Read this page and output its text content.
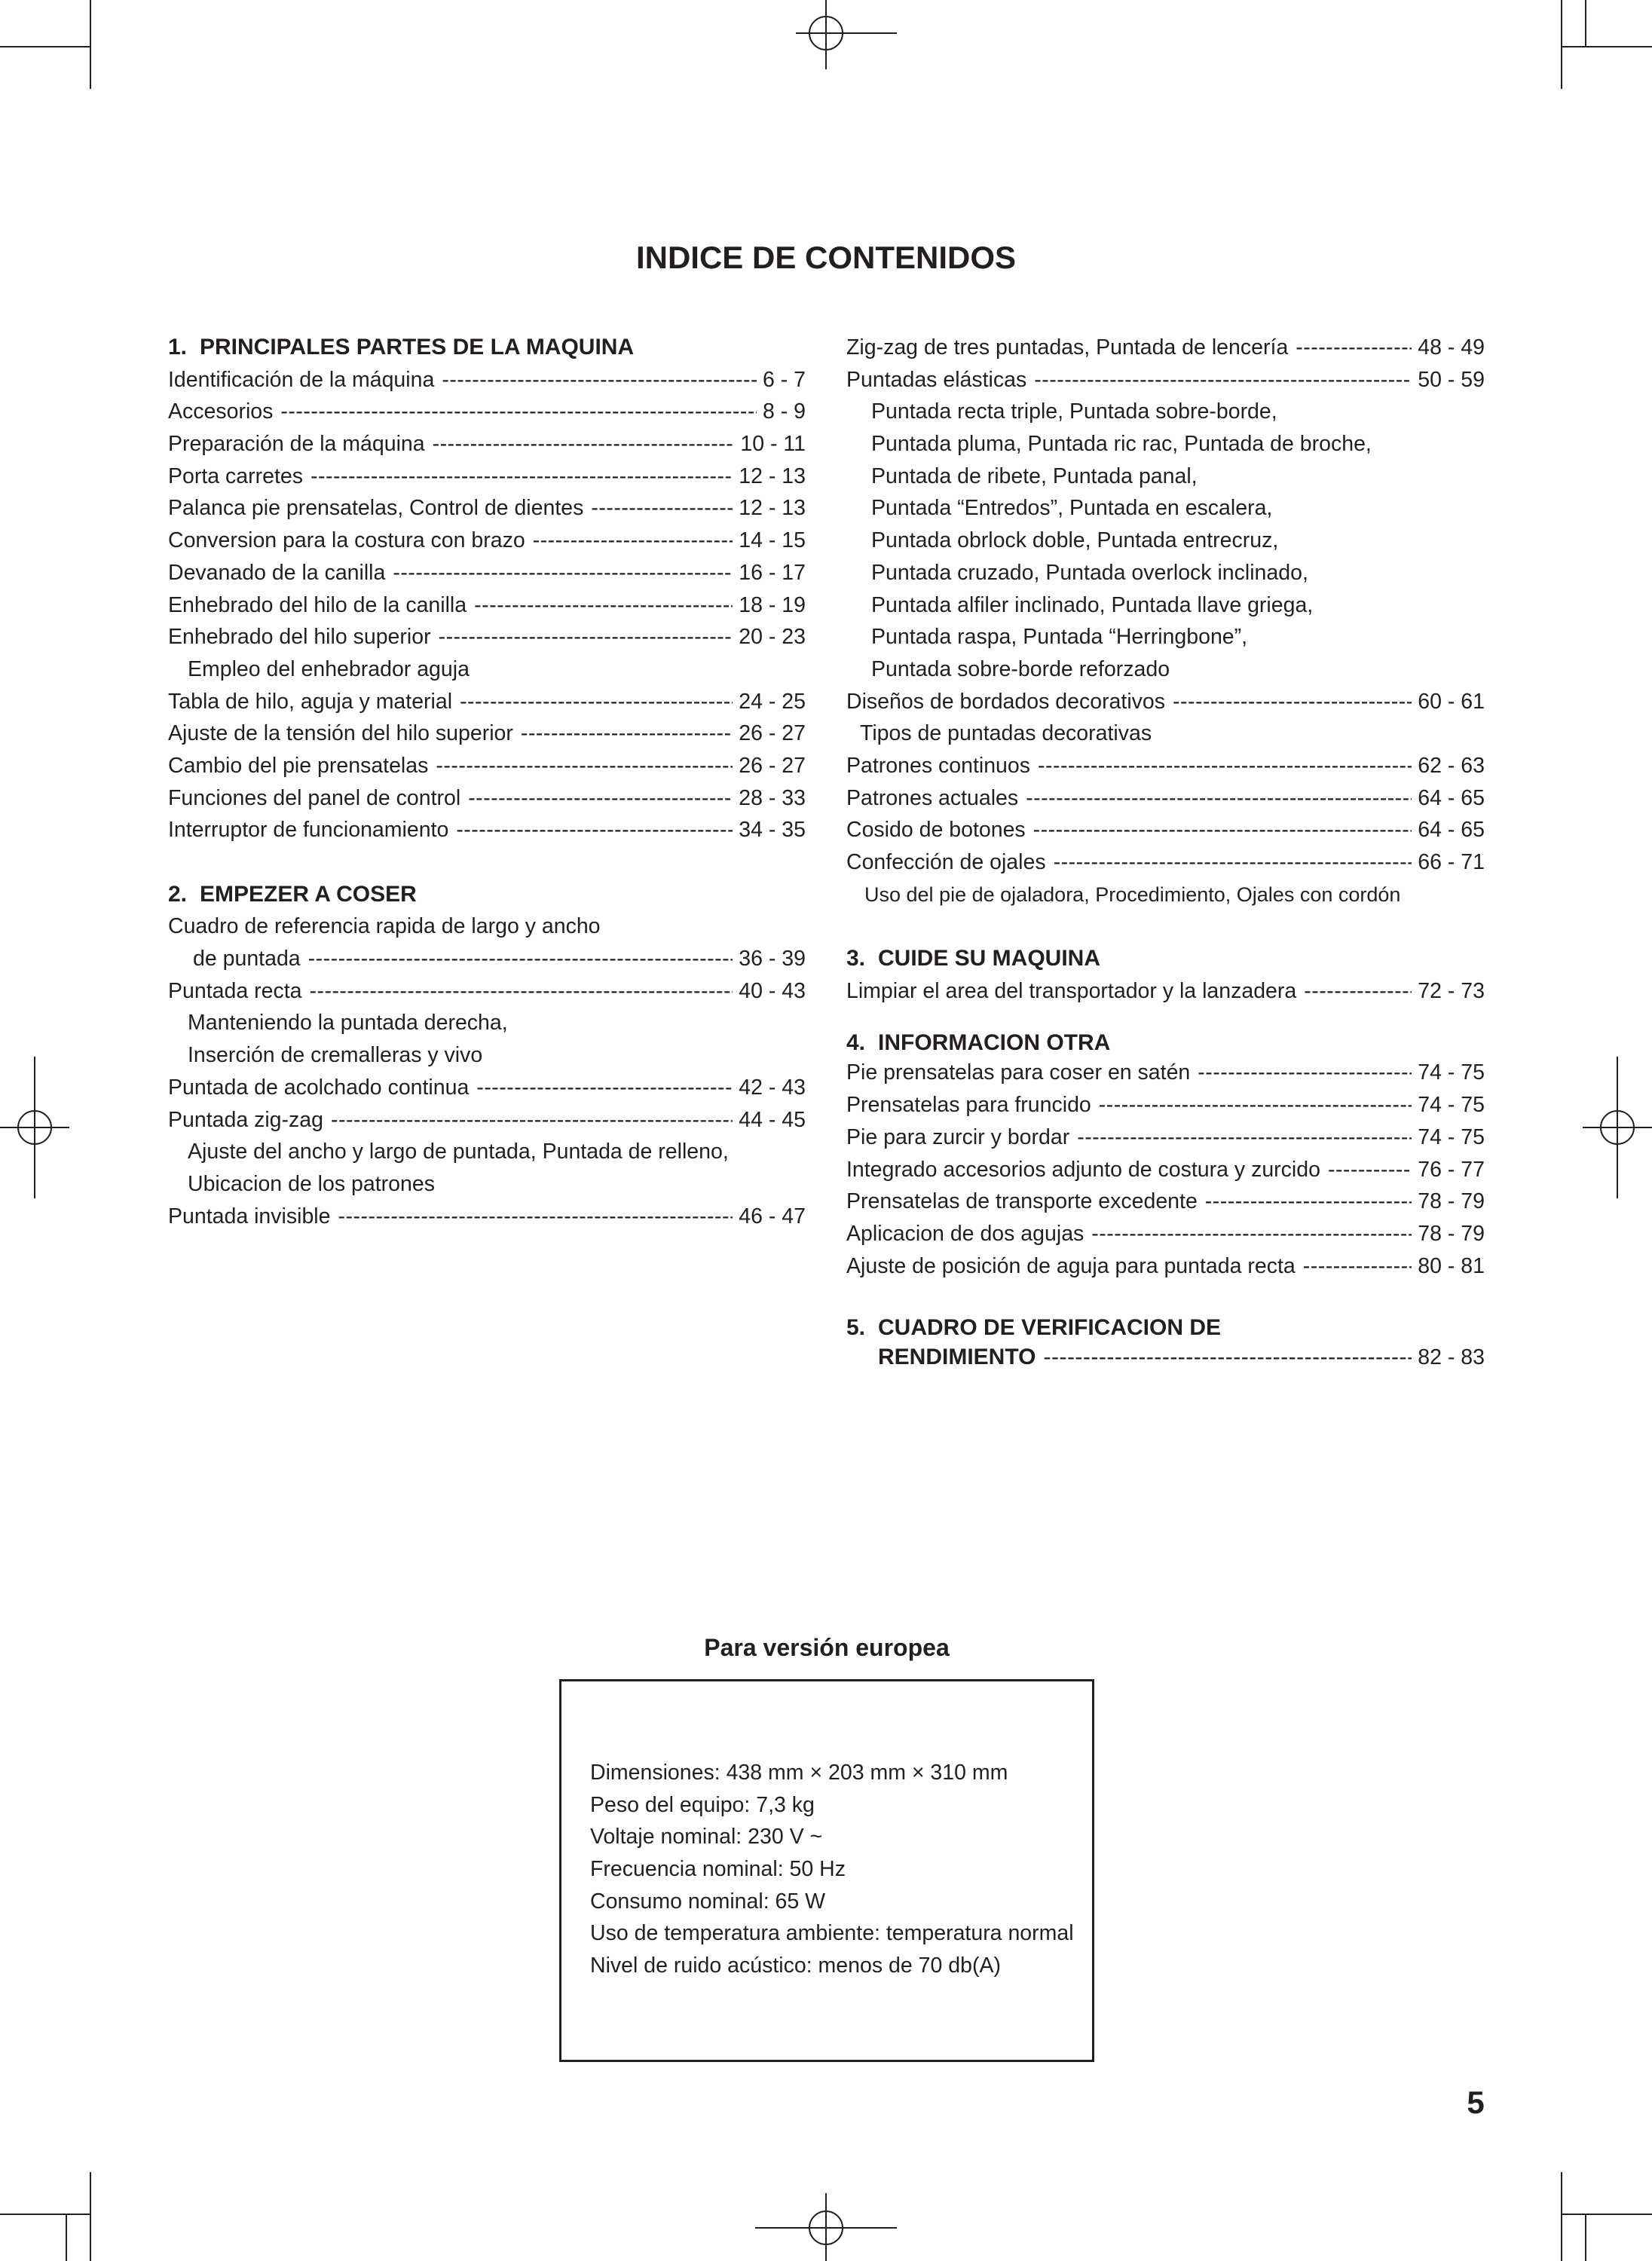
INDICE DE CONTENIDOS
1. PRINCIPALES PARTES DE LA MAQUINA
Identificación de la máquina -----	6 - 7
Accesorios -----	8 - 9
Preparación de la máquina -----	10 - 11
Porta carretes -----	12 - 13
Palanca pie prensatelas, Control de dientes -----	12 - 13
Conversion para la costura con brazo -----	14 - 15
Devanado de la canilla -----	16 - 17
Enhebrado del hilo de la canilla -----	18 - 19
Enhebrado del hilo superior -----	20 - 23
Empleo del enhebrador aguja
Tabla de hilo, aguja y material -----	24 - 25
Ajuste de la tensión del hilo superior -----	26 - 27
Cambio del pie prensatelas -----	26 - 27
Funciones del panel de control -----	28 - 33
Interruptor de funcionamiento -----	34 - 35
2. EMPEZER A COSER
Cuadro de referencia rapida de largo y ancho
de puntada -----	36 - 39
Puntada recta -----	40 - 43
Manteniendo la puntada derecha,
Inserción de cremalleras y vivo
Puntada de acolchado continua -----	42 - 43
Puntada zig-zag -----	44 - 45
Ajuste del ancho y largo de puntada, Puntada de relleno,
Ubicacion de los patrones
Puntada invisible -----	46 - 47
Zig-zag de tres puntadas, Puntada de lencería -----	48 - 49
Puntadas elásticas -----	50 - 59
Puntada recta triple, Puntada sobre-borde,
Puntada pluma, Puntada ric rac, Puntada de broche,
Puntada de ribete, Puntada panal,
Puntada “Entredos”, Puntada en escalera,
Puntada obrlock doble, Puntada entrecruz,
Puntada cruzado, Puntada overlock inclinado,
Puntada alfiler inclinado, Puntada llave griega,
Puntada raspa, Puntada “Herringbone”,
Puntada sobre-borde reforzado
Diseños de bordados decorativos -----	60 - 61
Tipos de puntadas decorativas
Patrones continuos -----	62 - 63
Patrones actuales -----	64 - 65
Cosido de botones -----	64 - 65
Confección de ojales -----	66 - 71
Uso del pie de ojaladora, Procedimiento, Ojales con cordón
3. CUIDE SU MAQUINA
Limpiar el area del transportador y la lanzadera -----	72 - 73
4. INFORMACION OTRA
Pie prensatelas para coser en satén -----	74 - 75
Prensatelas para fruncido -----	74 - 75
Pie para zurcir y bordar -----	74 - 75
Integrado accesorios adjunto de costura y zurcido -----	76 - 77
Prensatelas de transporte excedente -----	78 - 79
Aplicacion de dos agujas -----	78 - 79
Ajuste de posición de aguja para puntada recta -----	80 - 81
5. CUADRO DE VERIFICACION DE
RENDIMIENTO -----	82 - 83
Para versión europea
Dimensiones: 438 mm × 203 mm × 310 mm
Peso del equipo: 7,3 kg
Voltaje nominal: 230 V ~
Frecuencia nominal: 50 Hz
Consumo nominal: 65 W
Uso de temperatura ambiente: temperatura normal
Nivel de ruido acústico: menos de 70 db(A)
5
